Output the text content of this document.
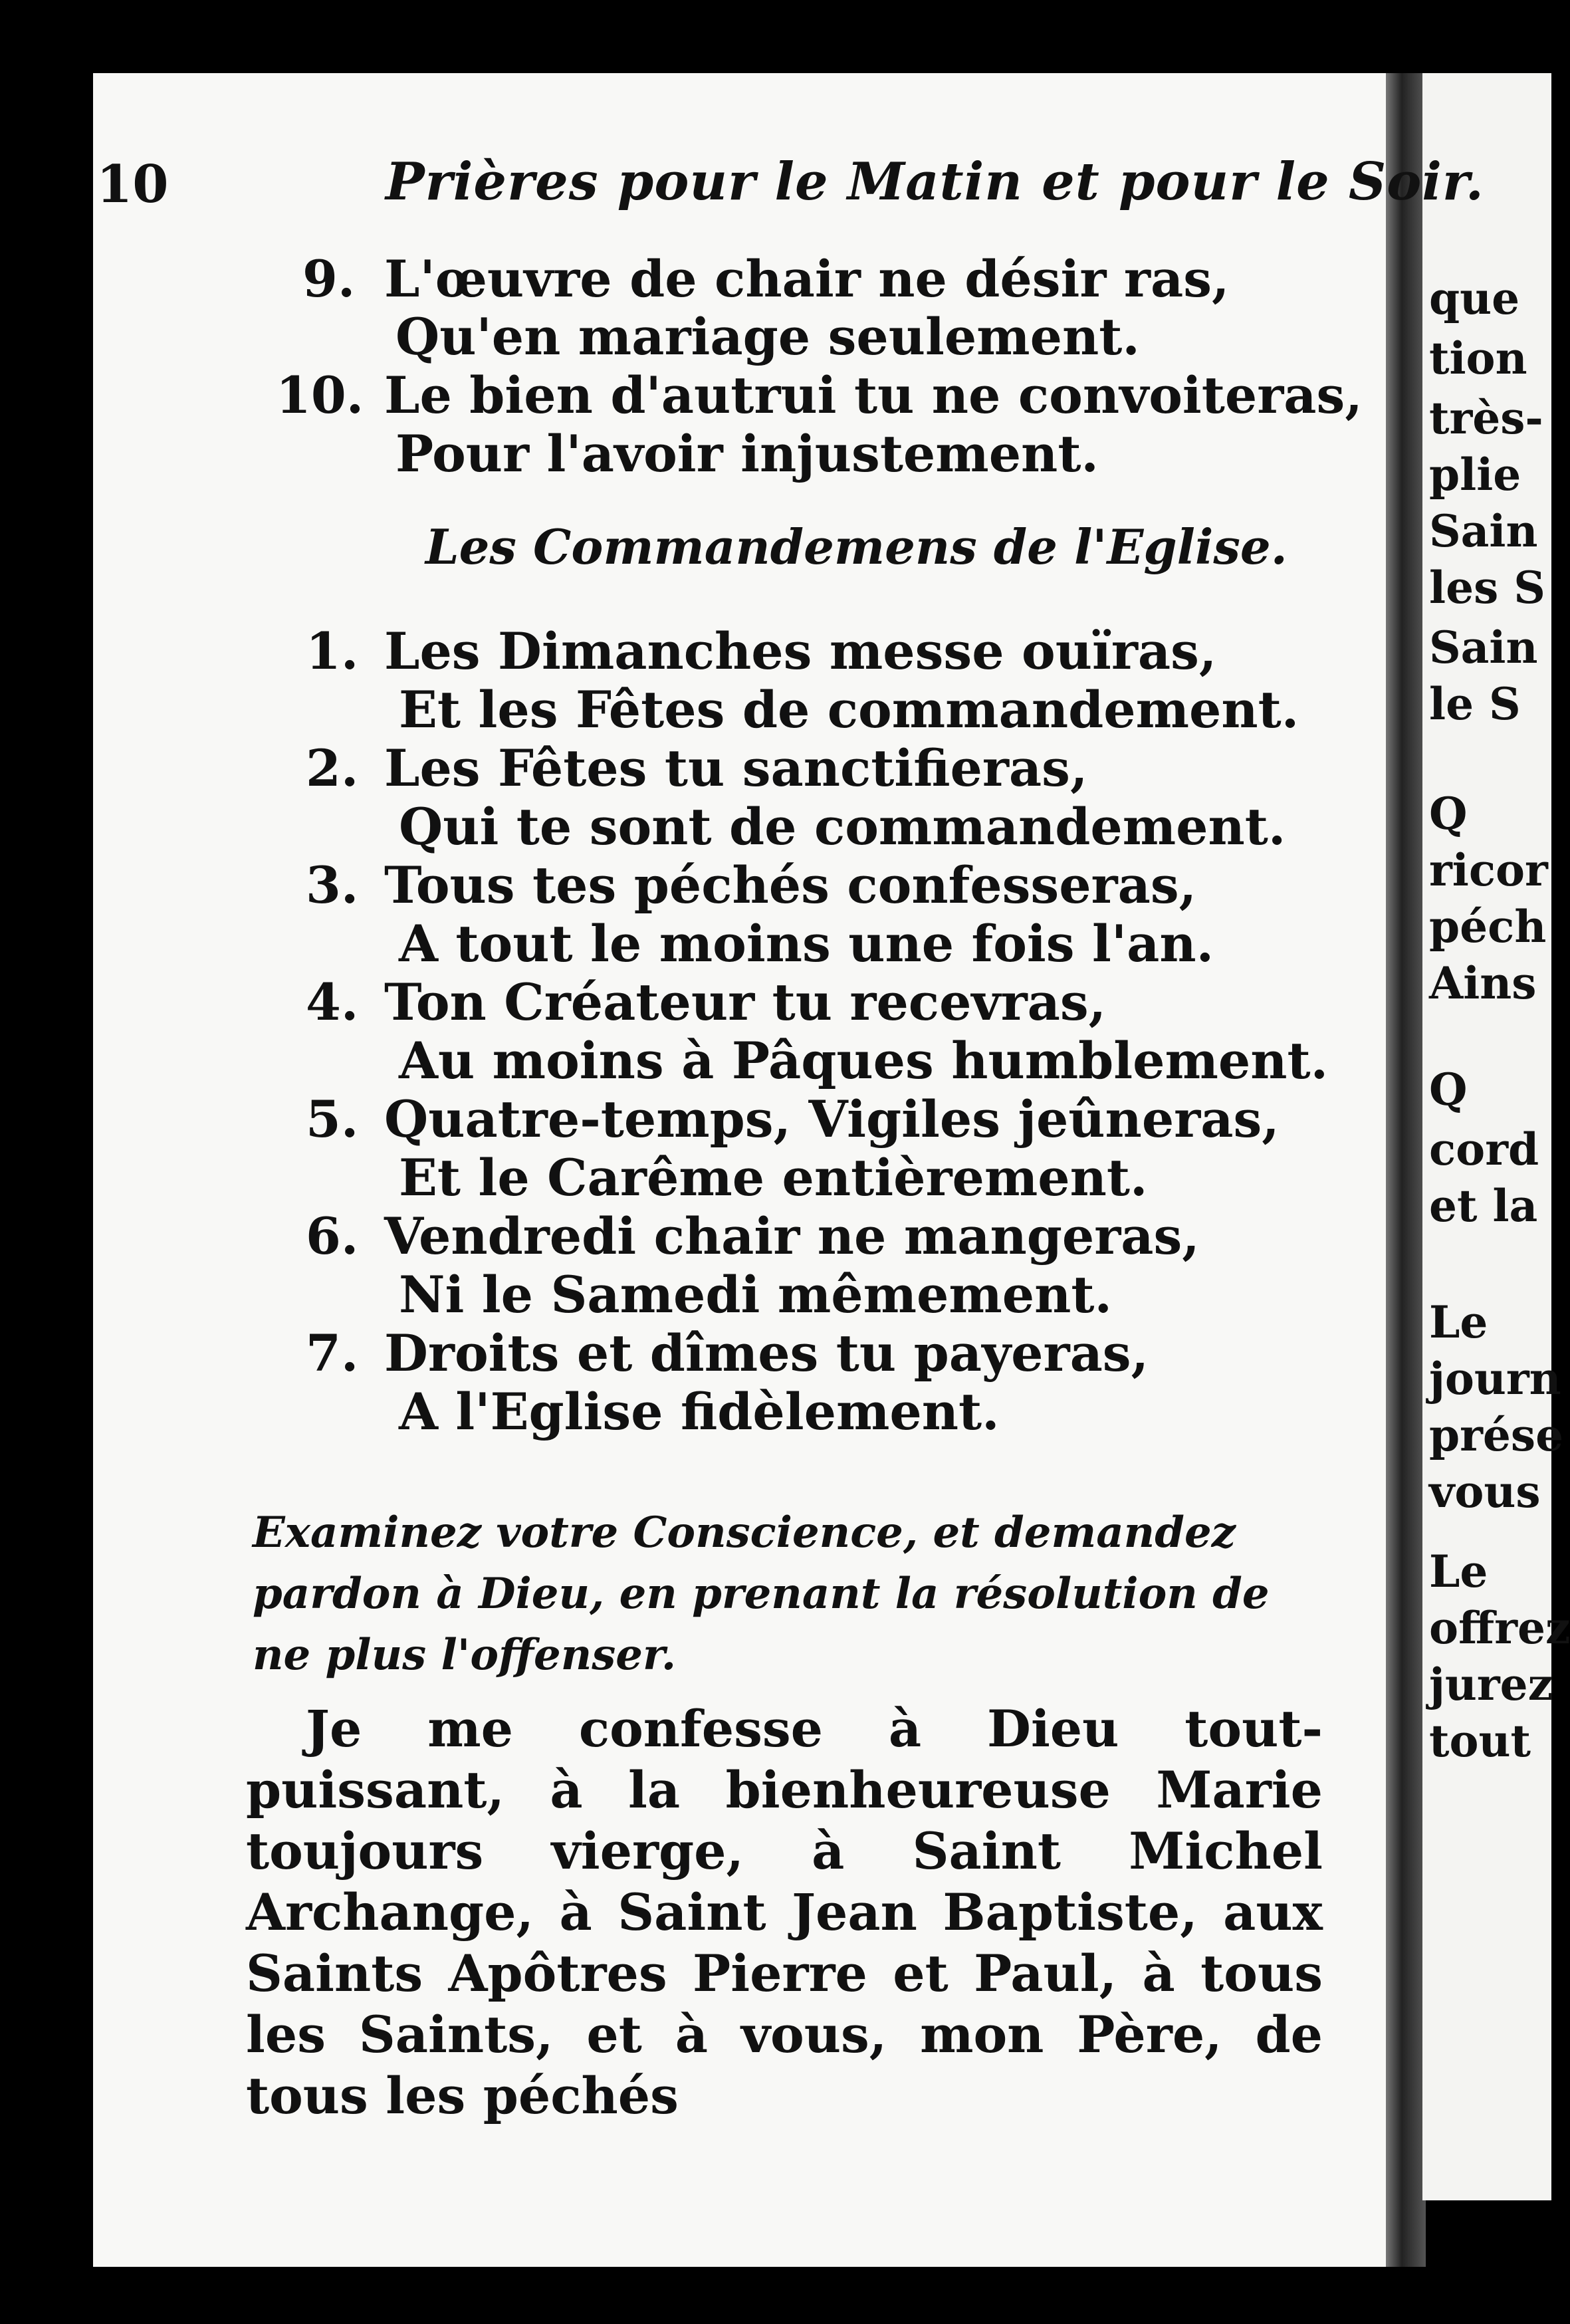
10	Prières pour le Matin et pour le Soir.
9. L'œuvre de chair ne désir ras,
Qu'en mariage seulement.
10. Le bien d'autrui tu ne convoiteras,
Pour l'avoir injustement.
Les Commandemens de l'Eglise.
1. Les Dimanches messe ouïras,
Et les Fêtes de commandement.
2. Les Fêtes tu sanctifieras,
Qui te sont de commandement.
3. Tous tes péchés confesseras,
A tout le moins une fois l'an.
4. Ton Créateur tu recevras,
Au moins à Pâques humblement.
5. Quatre-temps, Vigiles jeûneras,
Et le Carême entièrement.
6. Vendredi chair ne mangeras,
Ni le Samedi mêmement.
7. Droits et dîmes tu payeras,
A l'Eglise fidèlement.
Examinez votre Conscience, et demandez pardon à Dieu, en prenant la résolution de ne plus l'offenser.
Je me confesse à Dieu tout-puissant, à la bienheureuse Marie toujours vierge, à Saint Michel Archange, à Saint Jean Baptiste, aux Saints Apôtres Pierre et Paul, à tous les Saints, et à vous, mon Père, de tous les péchés
que
tion
très-
plie
Sain
les S
Sain
le S
Q
ricor
péch
Ains
Q
cord
et la
Le
journ
prése
vous
Le
offrez
jurez
tout
